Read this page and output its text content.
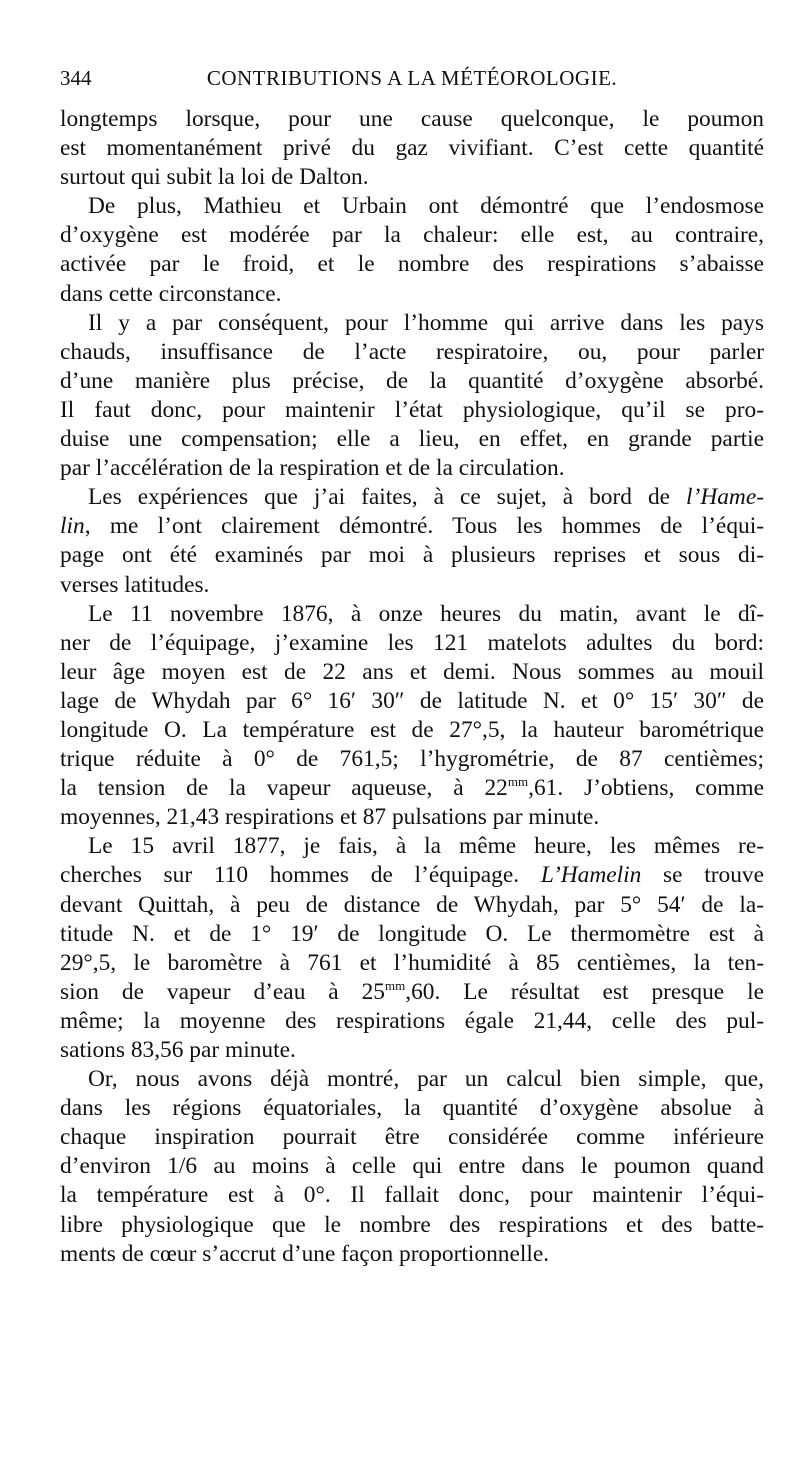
344	CONTRIBUTIONS A LA MÉTÉOROLOGIE.
longtemps lorsque, pour une cause quelconque, le poumon
est momentanément privé du gaz vivifiant. C’est cette quantité
surtout qui subit la loi de Dalton.
De plus, Mathieu et Urbain ont démontré que l’endosmose
d’oxygène est modérée par la chaleur: elle est, au contraire,
activée par le froid, et le nombre des respirations s’abaisse
dans cette circonstance.
Il y a par conséquent, pour l’homme qui arrive dans les pays
chauds, insuffisance de l’acte respiratoire, ou, pour parler
d’une manière plus précise, de la quantité d’oxygène absorbé.
Il faut donc, pour maintenir l’état physiologique, qu’il se pro-
duise une compensation; elle a lieu, en effet, en grande partie
par l’accélération de la respiration et de la circulation.
Les expériences que j’ai faites, à ce sujet, à bord de l’Hame-
lin, me l’ont clairement démontré. Tous les hommes de l’équi-
page ont été examinés par moi à plusieurs reprises et sous di-
verses latitudes.
Le 11 novembre 1876, à onze heures du matin, avant le dî-
ner de l’équipage, j’examine les 121 matelots adultes du bord:
leur âge moyen est de 22 ans et demi. Nous sommes au mouil
lage de Whydah par 6° 16′ 30″ de latitude N. et 0° 15′ 30″ de
longitude O. La température est de 27°,5, la hauteur barométrique
trique réduite à 0° de 761,5; l’hygrométrie, de 87 centièmes;
la tension de la vapeur aqueuse, à $22^{mm},61$. J’obtiens, comme
moyennes, 21,43 respirations et 87 pulsations par minute.
Le 15 avril 1877, je fais, à la même heure, les mêmes re-
cherches sur 110 hommes de l’équipage. L’Hamelin se trouve
devant Quittah, à peu de distance de Whydah, par 5° 54′ de la-
titude N. et de 1° 19′ de longitude O. Le thermomètre est à
29°,5, le baromètre à 761 et l’humidité à 85 centièmes, la ten-
sion de vapeur d’eau à $25^{mm},60$. Le résultat est presque le
même; la moyenne des respirations égale 21,44, celle des pul-
sations 83,56 par minute.
Or, nous avons déjà montré, par un calcul bien simple, que,
dans les régions équatoriales, la quantité d’oxygène absolue à
chaque inspiration pourrait être considérée comme inférieure
d’environ 1/6 au moins à celle qui entre dans le poumon quand
la température est à 0°. Il fallait donc, pour maintenir l’équi-
libre physiologique que le nombre des respirations et des batte-
ments de cœur s’accrut d’une façon proportionnelle.
